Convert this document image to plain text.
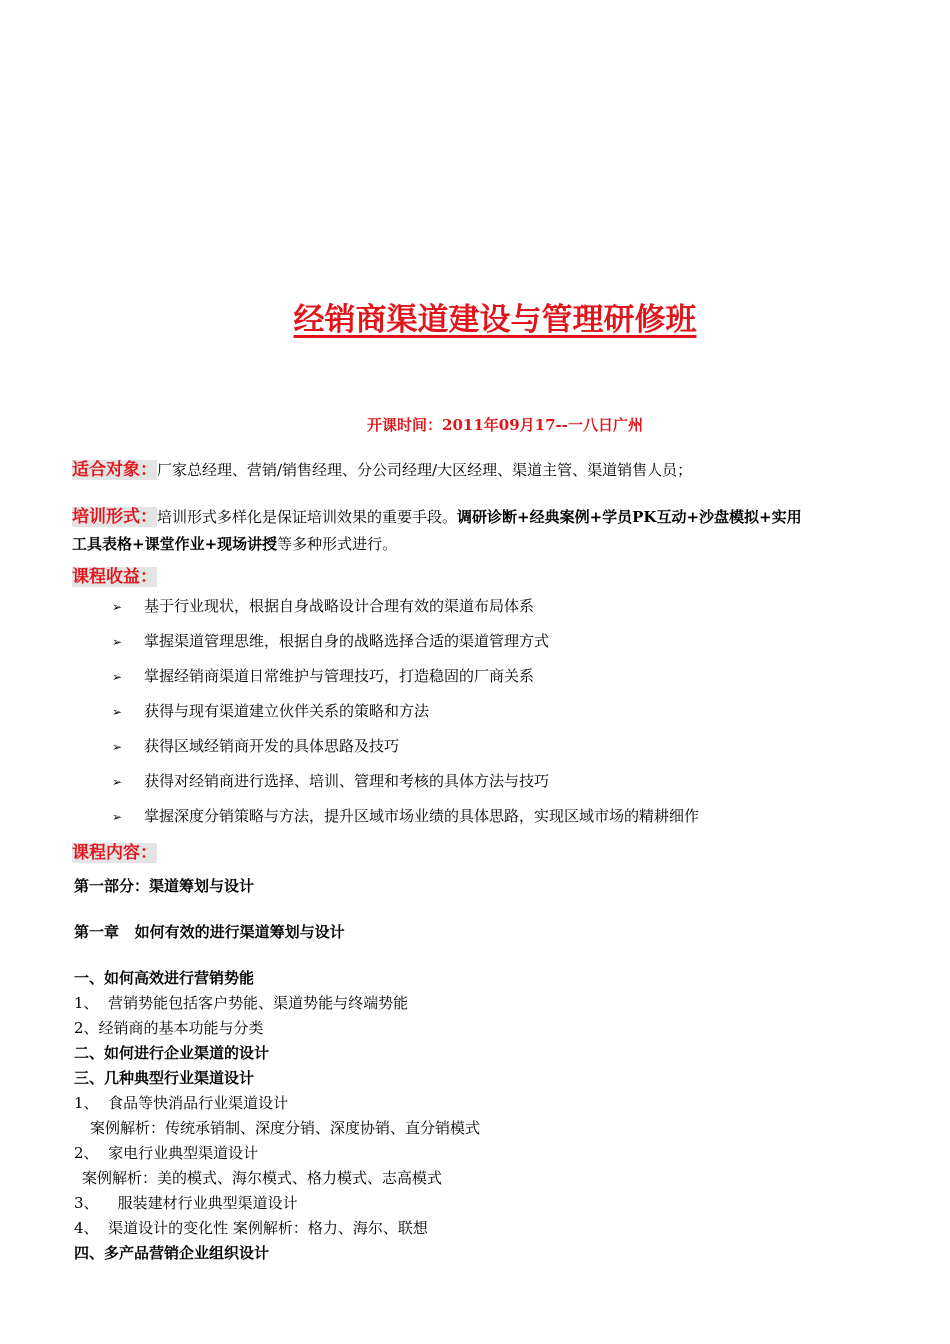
经销商渠道建设与管理研修班
开课时间：2011年09月17--一八日广州
适合对象：厂家总经理、营销/销售经理、分公司经理/大区经理、渠道主管、渠道销售人员；
培训形式：培训形式多样化是保证培训效果的重要手段。调研诊断+经典案例+学员PK互动+沙盘模拟+实用
工具表格+课堂作业+现场讲授等多种形式进行。
课程收益：
➢ 基于行业现状，根据自身战略设计合理有效的渠道布局体系
➢ 掌握渠道管理思维，根据自身的战略选择合适的渠道管理方式
➢ 掌握经销商渠道日常维护与管理技巧，打造稳固的厂商关系
➢ 获得与现有渠道建立伙伴关系的策略和方法
➢ 获得区域经销商开发的具体思路及技巧
➢ 获得对经销商进行选择、培训、管理和考核的具体方法与技巧
➢ 掌握深度分销策略与方法，提升区域市场业绩的具体思路，实现区域市场的精耕细作
课程内容：
第一部分：渠道筹划与设计
第一章   如何有效的进行渠道筹划与设计
一、如何高效进行营销势能
1、  营销势能包括客户势能、渠道势能与终端势能
2、经销商的基本功能与分类
二、如何进行企业渠道的设计
三、几种典型行业渠道设计
1、  食品等快消品行业渠道设计
案例解析：传统承销制、深度分销、深度协销、直分销模式
2、  家电行业典型渠道设计
案例解析：美的模式、海尔模式、格力模式、志高模式
3、    服装建材行业典型渠道设计
4、  渠道设计的变化性 案例解析：格力、海尔、联想
四、多产品营销企业组织设计
